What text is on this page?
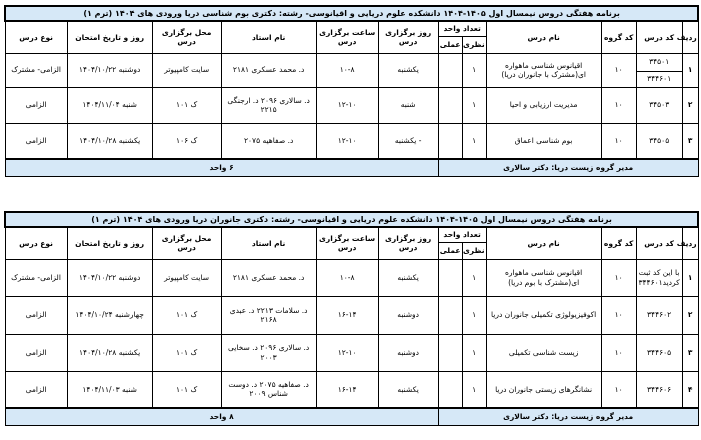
برنامه هفتگی دروس نیمسال اول ۱۴۰۵-۱۴۰۴ دانشکده علوم دریایی و اقیانوسی- رشته: دکتری بوم شناسی دریا ورودی های ۱۴۰۴ (ترم ۱)											
ردیف	کد درس	کد گروه	نام درس	تعداد واحد		روز برگزاری درس	ساعت برگزاری درس	نام استاد	محل برگزاری درس	روز و تاریخ امتحان	نوع درس
				نظری	عملی						
۱	۳۴۵۰۱	۱۰	اقیانوس شناسی ماهواره ای(مشترک با جانوران دریا)	۱		یکشنبه	۱۰-۸	د. محمد عسکری ۲۱۸۱	سایت کامپیوتر	دوشنبه ۱۴۰۴/۱۰/۲۲	الزامی- مشترک
	۳۴۴۶۰۱										
۲	۳۴۵۰۳	۱۰	مدیریت ارزیابی و احیا	۱		شنبه	۱۲-۱۰	د. سالاری ۲۰۹۶ د. ارجنگی ۲۲۱۵	ک ۱۰۱	شنبه ۱۴۰۴/۱۱/۰۴	الزامی
۳	۳۴۵۰۵	۱۰	بوم شناسی اعماق	۱		- یکشنبه	۱۲-۱۰	د. صفاهیه ۲۰۷۵	ک ۱۰۶	یکشنبه ۱۴۰۴/۱۰/۲۸	الزامی
مدیر گروه زیست دریا: دکتر سالاری						۶ واحد					
برنامه هفتگی دروس نیمسال اول ۱۴۰۵-۱۴۰۴ دانشکده علوم دریایی و اقیانوسی- رشته: دکتری جانوران دریا ورودی های ۱۴۰۴ (ترم ۱)											
ردیف	کد درس	کد گروه	نام درس	تعداد واحد		روز برگزاری درس	ساعت برگزاری درس	نام استاد	محل برگزاری درس	روز و تاریخ امتحان	نوع درس
				نظری	عملی						
۱	با این کد ثبت کردید۳۴۴۶۰۱	۱۰	اقیانوس شناسی ماهواره ای(مشترک با بوم دریا)	۱		یکشنبه	۱۰-۸	د. محمد عسکری ۲۱۸۱	سایت کامپیوتر	دوشنبه ۱۴۰۴/۱۰/۲۲	الزامی- مشترک
۲	۳۴۴۶۰۲	۱۰	اکوفیزیولوژی تکمیلی جانوران دریا	۱		دوشنبه	۱۶-۱۴	د. سلامات ۲۲۱۳ د. عبدی ۲۱۶۸	ک ۱۰۱	چهارشنبه ۱۴۰۴/۱۰/۲۴	الزامی
۳	۳۴۴۶۰۵	۱۰	زیست شناسی تکمیلی	۱		دوشنبه	۱۲-۱۰	د. سالاری ۲۰۹۶ د. سخایی ۲۰۰۳	ک ۱۰۱	یکشنبه ۱۴۰۴/۱۰/۲۸	الزامی
۴	۳۴۴۶۰۶	۱۰	نشانگرهای زیستی جانوران دریا	۱		یکشنبه	۱۶-۱۴	د. صفاهیه ۲۰۷۵ د. دوست شناس ۲۰۰۹	ک ۱۰۱	شنبه ۱۴۰۴/۱۱/۰۳	الزامی
مدیر گروه زیست دریا: دکتر سالاری						۸ واحد					
